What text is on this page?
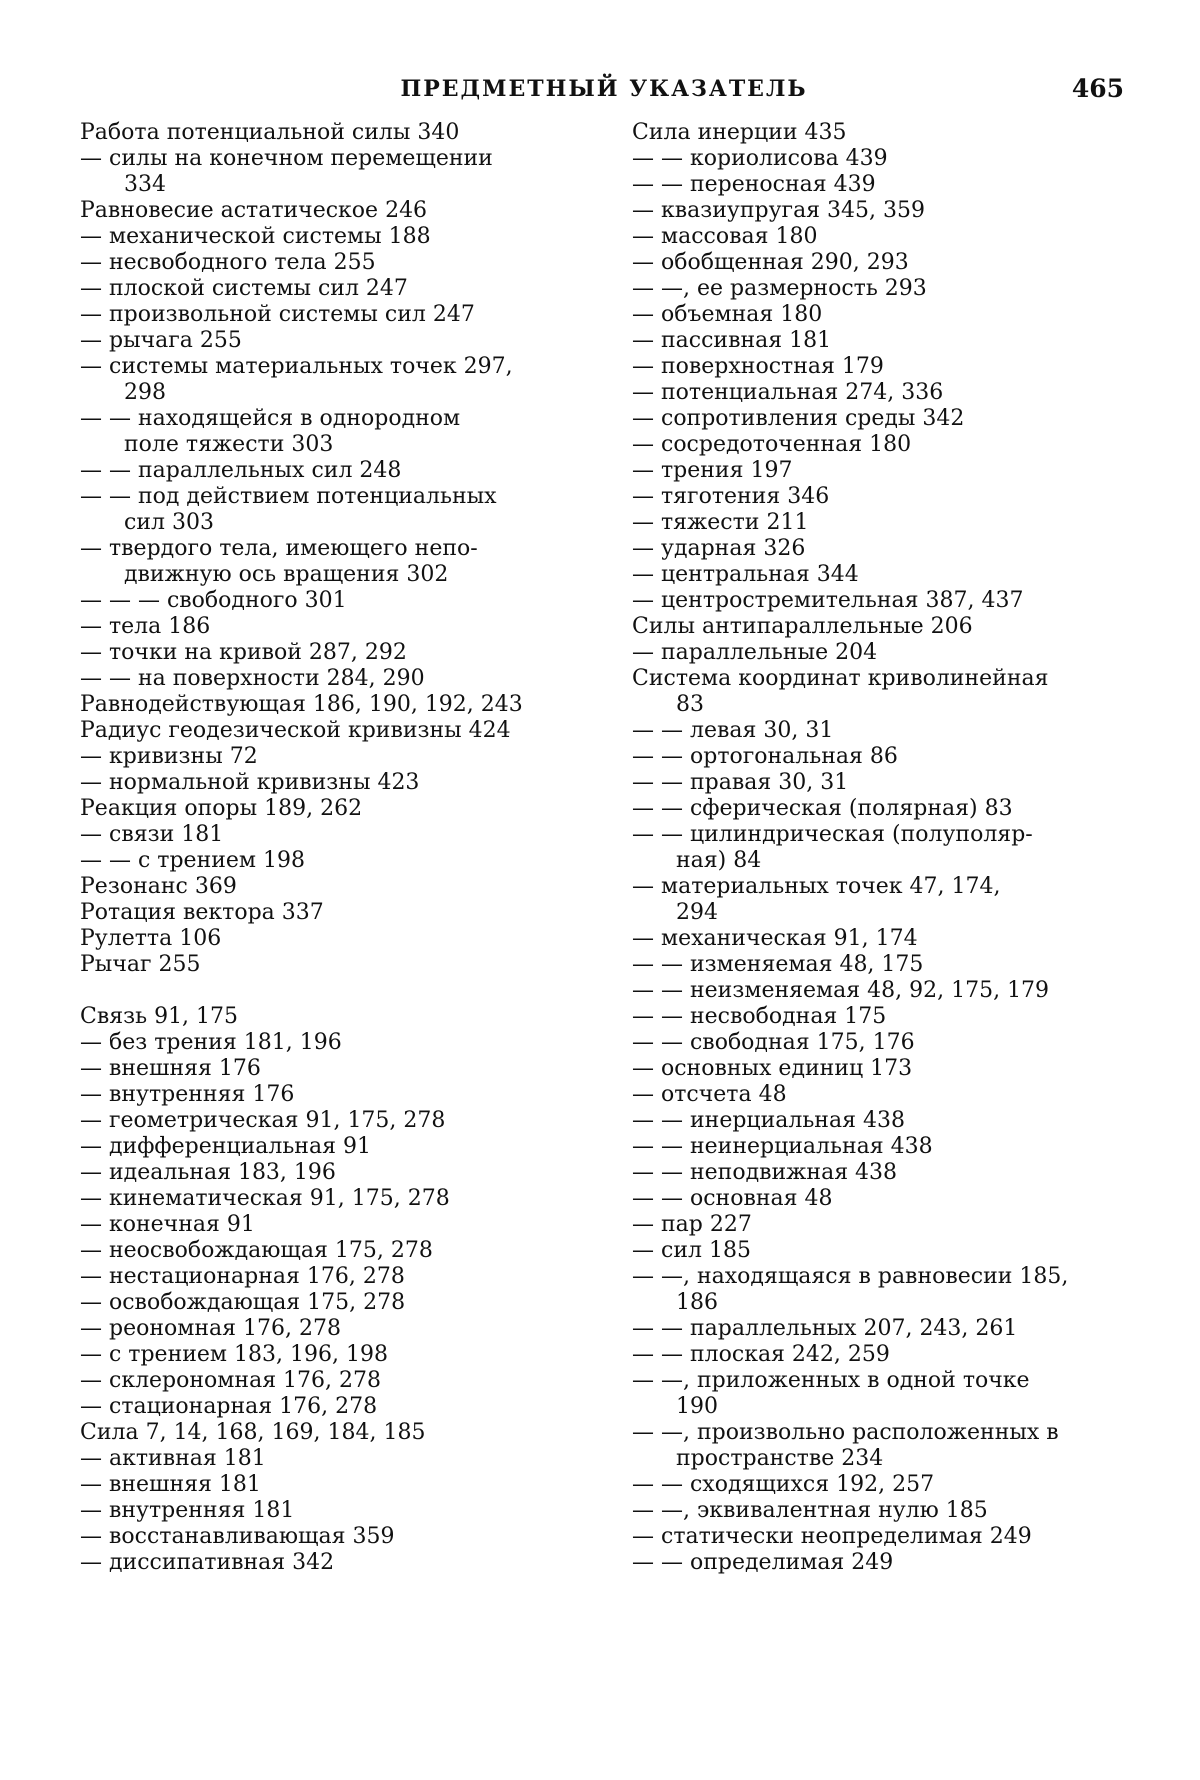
ПРЕДМЕТНЫЙ УКАЗАТЕЛЬ	465
Работа потенциальной силы 340
— силы на конечном перемещении
334
Равновесие астатическое 246
— механической системы 188
— несвободного тела 255
— плоской системы сил 247
— произвольной системы сил 247
— рычага 255
— системы материальных точек 297,
298
— — находящейся в однородном
поле тяжести 303
— — параллельных сил 248
— — под действием потенциальных
сил 303
— твердого тела, имеющего непо-
движную ось вращения 302
— — — свободного 301
— тела 186
— точки на кривой 287, 292
— — на поверхности 284, 290
Равнодействующая 186, 190, 192, 243
Радиус геодезической кривизны 424
— кривизны 72
— нормальной кривизны 423
Реакция опоры 189, 262
— связи 181
— — с трением 198
Резонанс 369
Ротация вектора 337
Рулетта 106
Рычаг 255
Связь 91, 175
— без трения 181, 196
— внешняя 176
— внутренняя 176
— геометрическая 91, 175, 278
— дифференциальная 91
— идеальная 183, 196
— кинематическая 91, 175, 278
— конечная 91
— неосвобождающая 175, 278
— нестационарная 176, 278
— освобождающая 175, 278
— реономная 176, 278
— с трением 183, 196, 198
— склерономная 176, 278
— стационарная 176, 278
Сила 7, 14, 168, 169, 184, 185
— активная 181
— внешняя 181
— внутренняя 181
— восстанавливающая 359
— диссипативная 342
Сила инерции 435
— — кориолисова 439
— — переносная 439
— квазиупругая 345, 359
— массовая 180
— обобщенная 290, 293
— —, ее размерность 293
— объемная 180
— пассивная 181
— поверхностная 179
— потенциальная 274, 336
— сопротивления среды 342
— сосредоточенная 180
— трения 197
— тяготения 346
— тяжести 211
— ударная 326
— центральная 344
— центростремительная 387, 437
Силы антипараллельные 206
— параллельные 204
Система координат криволинейная
83
— — левая 30, 31
— — ортогональная 86
— — правая 30, 31
— — сферическая (полярная) 83
— — цилиндрическая (полуполяр-
ная) 84
— материальных точек 47, 174,
294
— механическая 91, 174
— — изменяемая 48, 175
— — неизменяемая 48, 92, 175, 179
— — несвободная 175
— — свободная 175, 176
— основных единиц 173
— отсчета 48
— — инерциальная 438
— — неинерциальная 438
— — неподвижная 438
— — основная 48
— пар 227
— сил 185
— —, находящаяся в равновесии 185,
186
— — параллельных 207, 243, 261
— — плоская 242, 259
— —, приложенных в одной точке
190
— —, произвольно расположенных в
пространстве 234
— — сходящихся 192, 257
— —, эквивалентная нулю 185
— статически неопределимая 249
— — определимая 249
